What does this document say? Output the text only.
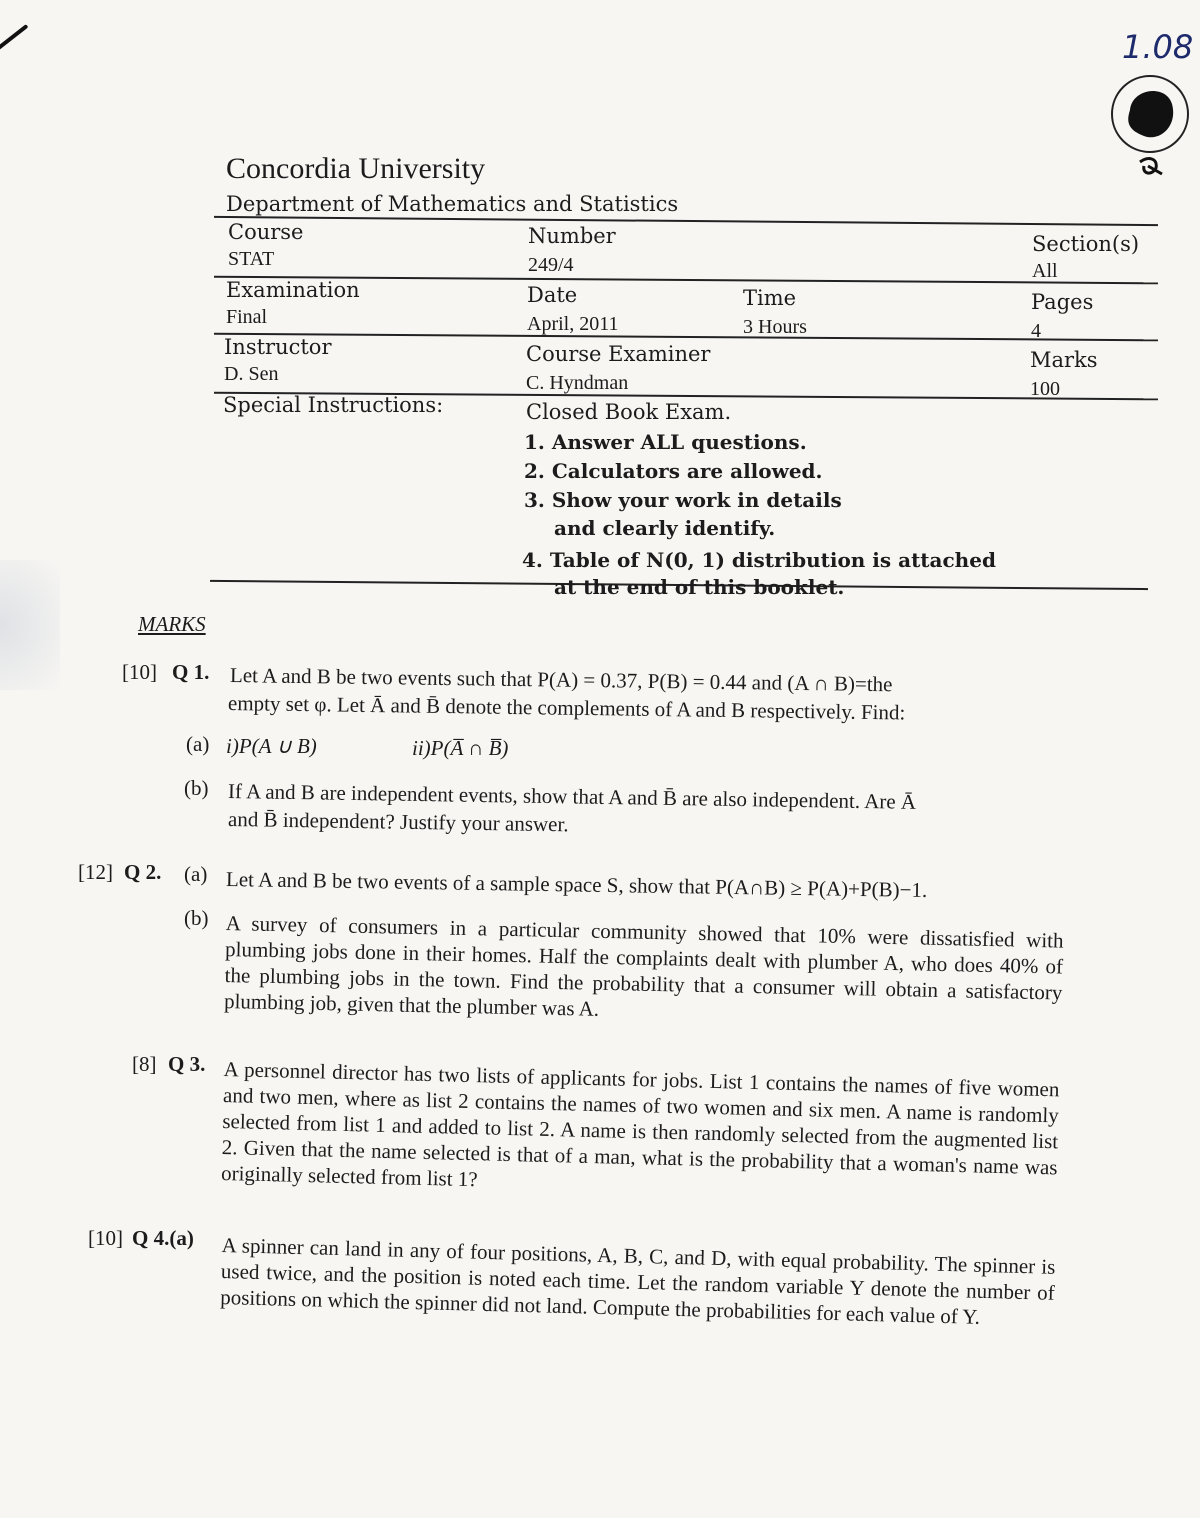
1.08
Concordia University
Department of Mathematics and Statistics
Course
STAT
Number
249/4
Section(s)
All
Examination
Final
Date
April, 2011
Time
3 Hours
Pages
4
Instructor
D. Sen
Course Examiner
C. Hyndman
Marks
100
Special Instructions:	Closed Book Exam.
1. Answer ALL questions.
2. Calculators are allowed.
3. Show your work in details
and clearly identify.
4. Table of N(0, 1) distribution is attached
at the end of this booklet.
MARKS
[10] Q 1. Let A and B be two events such that P(A) = 0.37, P(B) = 0.44 and (A ∩ B)=the
empty set φ. Let Ā and B̄ denote the complements of A and B respectively. Find:
(a) i)P(A ∪ B)	ii)P(A̅ ∩ B̅)
(b) If A and B are independent events, show that A and B̄ are also independent. Are Ā
and B̄ independent? Justify your answer.
[12] Q 2. (a) Let A and B be two events of a sample space S, show that P(A∩B) ≥ P(A)+P(B)−1.
(b) A survey of consumers in a particular community showed that 10% were dissatisfied with plumbing jobs done in their homes. Half the complaints dealt with plumber A, who does 40% of the plumbing jobs in the town. Find the probability that a consumer will obtain a satisfactory plumbing job, given that the plumber was A.
[8] Q 3. A personnel director has two lists of applicants for jobs. List 1 contains the names of five women and two men, where as list 2 contains the names of two women and six men. A name is randomly selected from list 1 and added to list 2. A name is then randomly selected from the augmented list 2. Given that the name selected is that of a man, what is the probability that a woman's name was originally selected from list 1?
[10] Q 4.(a) A spinner can land in any of four positions, A, B, C, and D, with equal probability. The spinner is used twice, and the position is noted each time. Let the random variable Y denote the number of positions on which the spinner did not land. Compute the probabilities for each value of Y.
